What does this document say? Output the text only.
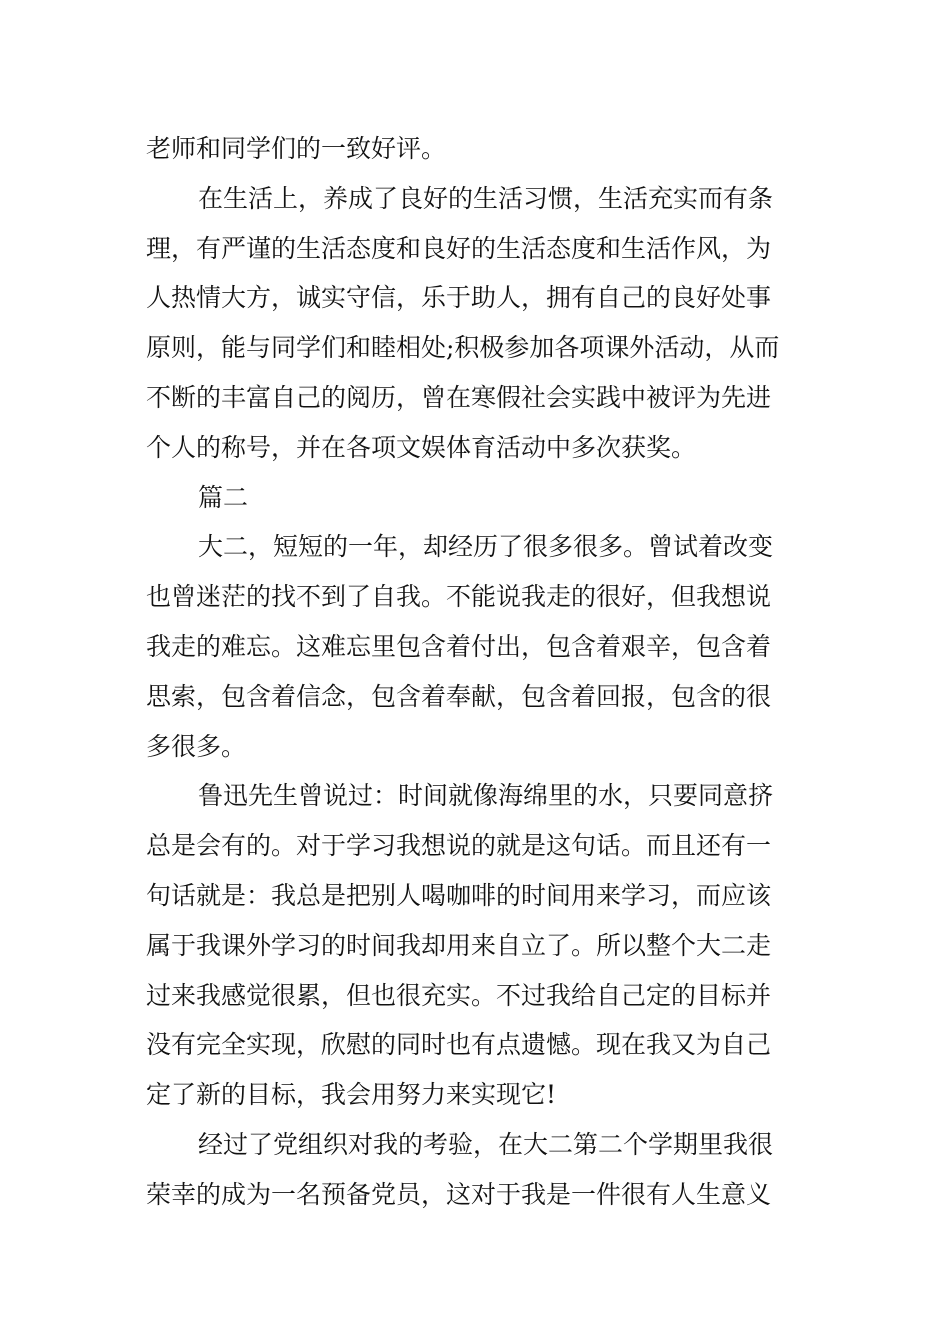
老师和同学们的一致好评。
在生活上，养成了良好的生活习惯，生活充实而有条
理，有严谨的生活态度和良好的生活态度和生活作风，为
人热情大方，诚实守信，乐于助人，拥有自己的良好处事
原则，能与同学们和睦相处;积极参加各项课外活动，从而
不断的丰富自己的阅历，曾在寒假社会实践中被评为先进
个人的称号，并在各项文娱体育活动中多次获奖。
篇二
大二，短短的一年，却经历了很多很多。曾试着改变
也曾迷茫的找不到了自我。不能说我走的很好，但我想说
我走的难忘。这难忘里包含着付出，包含着艰辛，包含着
思索，包含着信念，包含着奉献，包含着回报，包含的很
多很多。
鲁迅先生曾说过：时间就像海绵里的水，只要同意挤
总是会有的。对于学习我想说的就是这句话。而且还有一
句话就是：我总是把别人喝咖啡的时间用来学习，而应该
属于我课外学习的时间我却用来自立了。所以整个大二走
过来我感觉很累，但也很充实。不过我给自己定的目标并
没有完全实现，欣慰的同时也有点遗憾。现在我又为自己
定了新的目标，我会用努力来实现它!
经过了党组织对我的考验，在大二第二个学期里我很
荣幸的成为一名预备党员，这对于我是一件很有人生意义
